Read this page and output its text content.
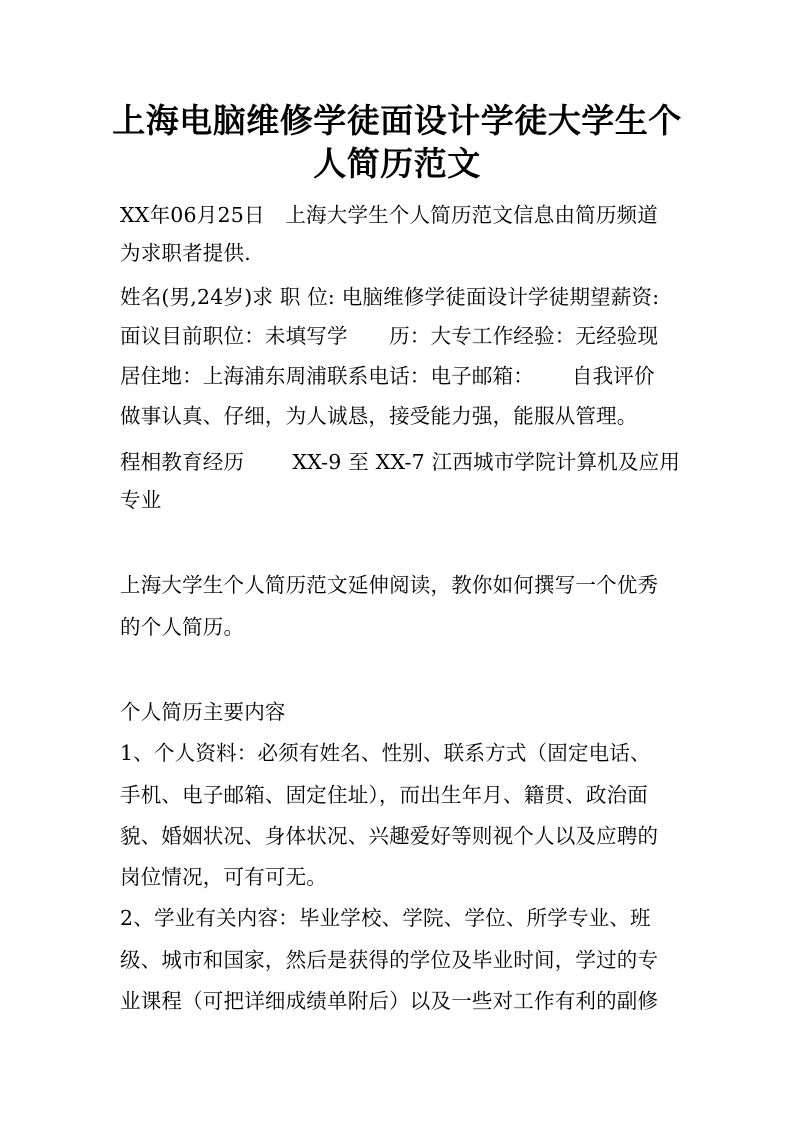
上海电脑维修学徒面设计学徒大学生个
人简历范文
XX年06月25日　上海大学生个人简历范文信息由简历频道
为求职者提供.
姓名(男,24岁)求 职 位: 电脑维修学徒面设计学徒期望薪资:
面议目前职位：未填写学　　历：大专工作经验：无经验现
居住地：上海浦东周浦联系电话：电子邮箱：　　 自我评价
做事认真、仔细，为人诚恳，接受能力强，能服从管理。
程相教育经历　　 XX-9 至 XX-7 江西城市学院计算机及应用
专业
上海大学生个人简历范文延伸阅读，教你如何撰写一个优秀
的个人简历。
个人简历主要内容
1、个人资料：必须有姓名、性别、联系方式（固定电话、
手机、电子邮箱、固定住址），而出生年月、籍贯、政治面
貌、婚姻状况、身体状况、兴趣爱好等则视个人以及应聘的
岗位情况，可有可无。
2、学业有关内容：毕业学校、学院、学位、所学专业、班
级、城市和国家，然后是获得的学位及毕业时间，学过的专
业课程（可把详细成绩单附后）以及一些对工作有利的副修
